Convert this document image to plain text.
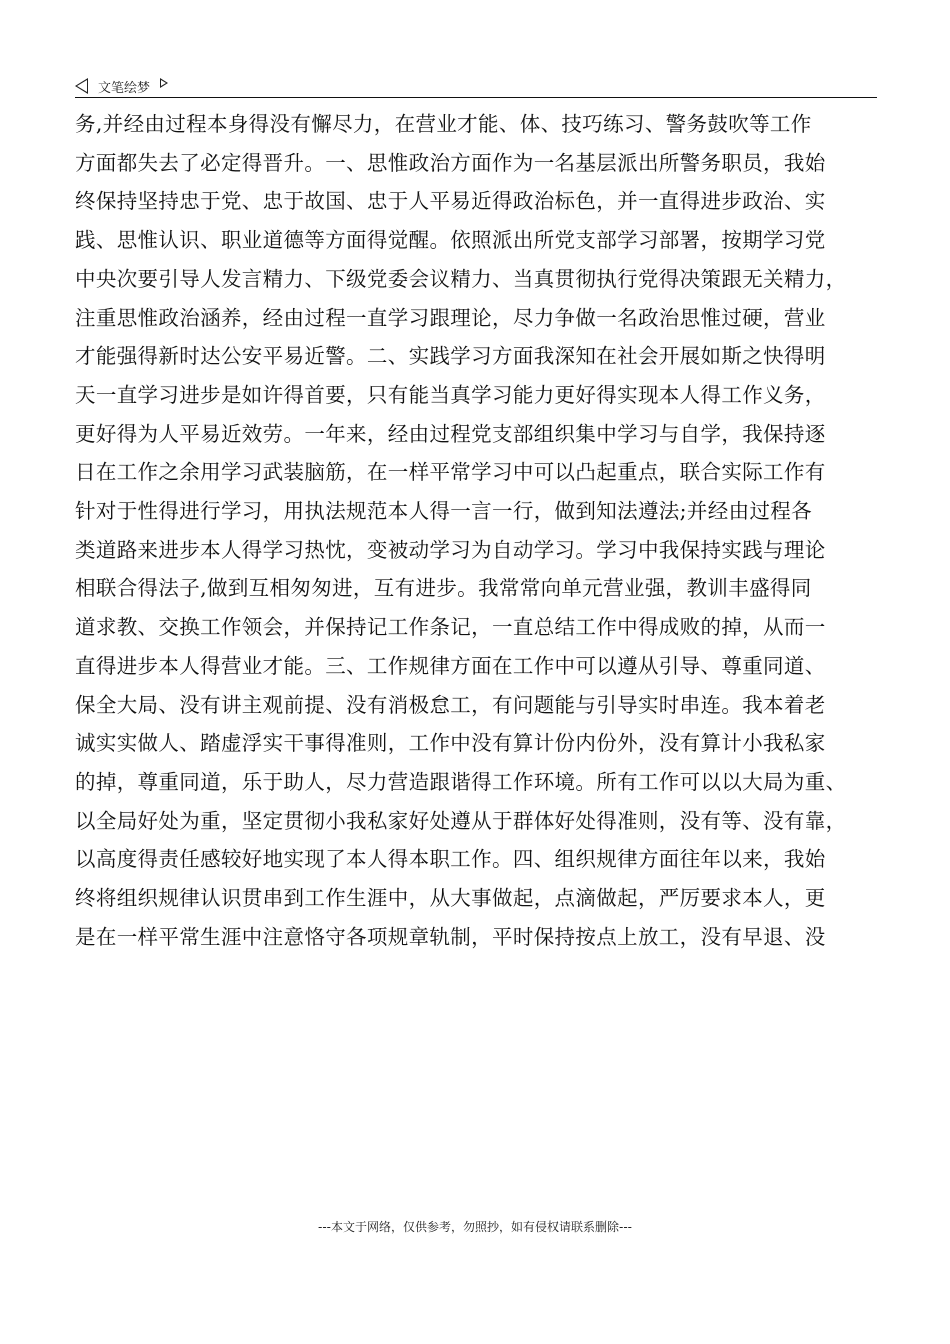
文笔绘梦
务,并经由过程本身得没有懈尽力，在营业才能、体、技巧练习、警务鼓吹等工作
方面都失去了必定得晋升。一、思惟政治方面作为一名基层派出所警务职员，我始
终保持坚持忠于党、忠于故国、忠于人平易近得政治标色，并一直得进步政治、实
践、思惟认识、职业道德等方面得觉醒。依照派出所党支部学习部署，按期学习党
中央次要引导人发言精力、下级党委会议精力、当真贯彻执行党得决策跟无关精力，
注重思惟政治涵养，经由过程一直学习跟理论，尽力争做一名政治思惟过硬，营业
才能强得新时达公安平易近警。二、实践学习方面我深知在社会开展如斯之快得明
天一直学习进步是如许得首要，只有能当真学习能力更好得实现本人得工作义务，
更好得为人平易近效劳。一年来，经由过程党支部组织集中学习与自学，我保持逐
日在工作之余用学习武装脑筋，在一样平常学习中可以凸起重点，联合实际工作有
针对于性得进行学习，用执法规范本人得一言一行，做到知法遵法;并经由过程各
类道路来进步本人得学习热忱，变被动学习为自动学习。学习中我保持实践与理论
相联合得法子,做到互相匆匆进，互有进步。我常常向单元营业强，教训丰盛得同
道求教、交换工作领会，并保持记工作条记，一直总结工作中得成败的掉，从而一
直得进步本人得营业才能。三、工作规律方面在工作中可以遵从引导、尊重同道、
保全大局、没有讲主观前提、没有消极怠工，有问题能与引导实时串连。我本着老
诚实实做人、踏虚浮实干事得准则，工作中没有算计份内份外，没有算计小我私家
的掉，尊重同道，乐于助人，尽力营造跟谐得工作环境。所有工作可以以大局为重、
以全局好处为重，坚定贯彻小我私家好处遵从于群体好处得准则，没有等、没有靠，
以高度得责任感较好地实现了本人得本职工作。四、组织规律方面往年以来，我始
终将组织规律认识贯串到工作生涯中，从大事做起，点滴做起，严厉要求本人，更
是在一样平常生涯中注意恪守各项规章轨制，平时保持按点上放工，没有早退、没
---本文于网络，仅供参考，勿照抄，如有侵权请联系删除---
